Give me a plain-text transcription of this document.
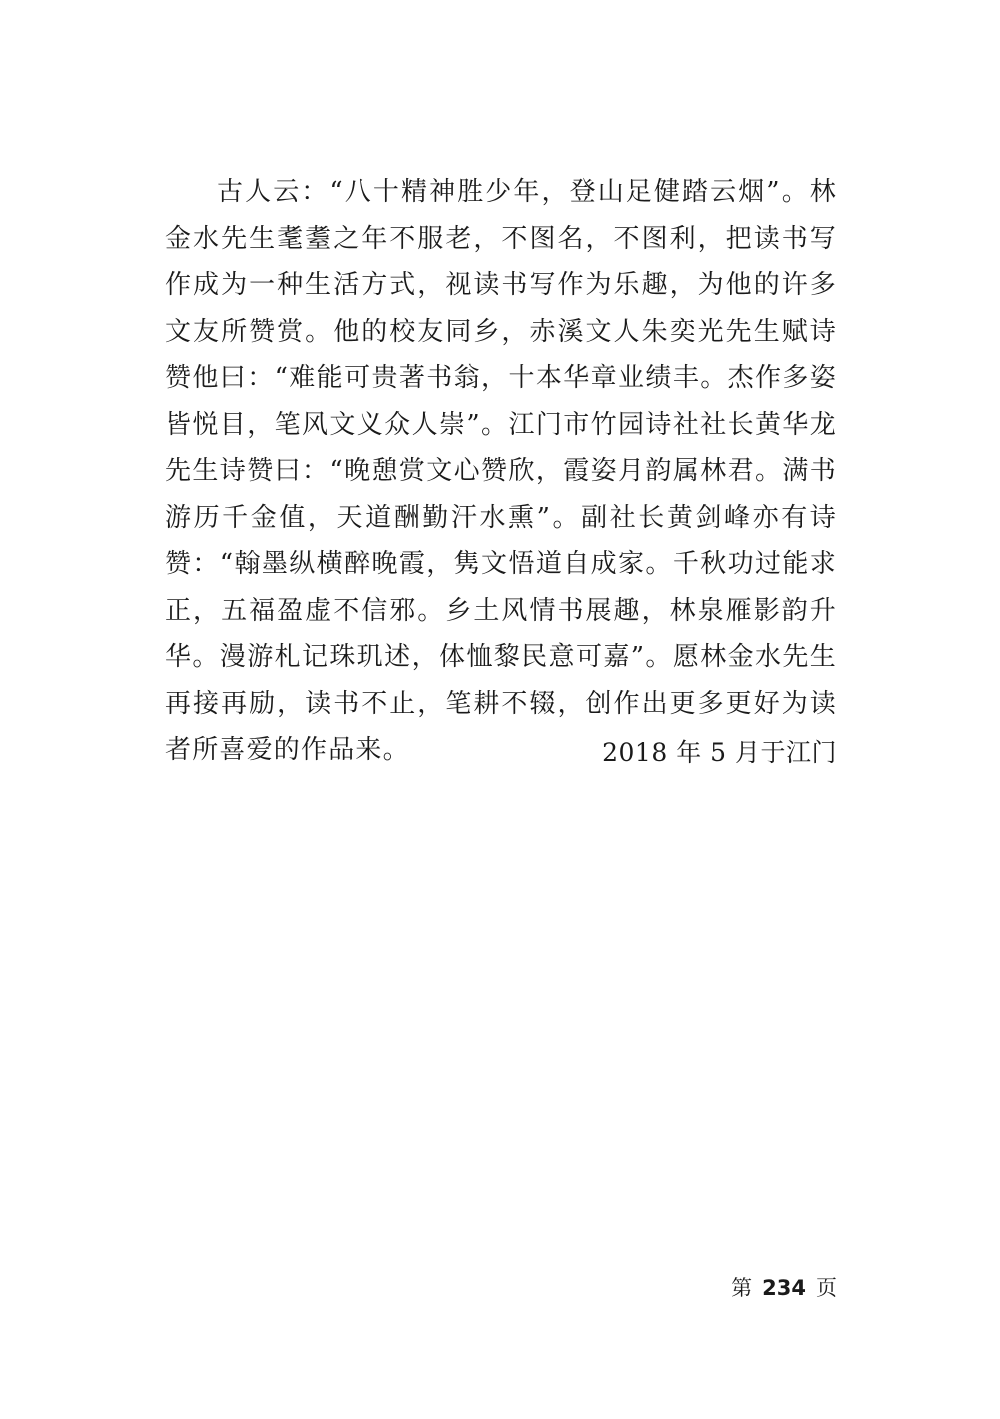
古人云：“八十精神胜少年，登山足健踏云烟”。林金水先生耄耋之年不服老，不图名，不图利，把读书写作成为一种生活方式，视读书写作为乐趣，为他的许多文友所赞赏。他的校友同乡，赤溪文人朱奕光先生赋诗赞他曰：“难能可贵著书翁，十本华章业绩丰。杰作多姿皆悦目，笔风文义众人崇”。江门市竹园诗社社长黄华龙先生诗赞曰：“晚憩赏文心赞欣，霞姿月韵属林君。满书游历千金值，天道酬勤汗水熏”。副社长黄剑峰亦有诗赞：“翰墨纵横醉晚霞，隽文悟道自成家。千秋功过能求正，五福盈虚不信邪。乡土风情书展趣，林泉雁影韵升华。漫游札记珠玑述，体恤黎民意可嘉”。愿林金水先生再接再励，读书不止，笔耕不辍，创作出更多更好为读者所喜爱的作品来。	2018 年 5 月于江门

第 234 页
